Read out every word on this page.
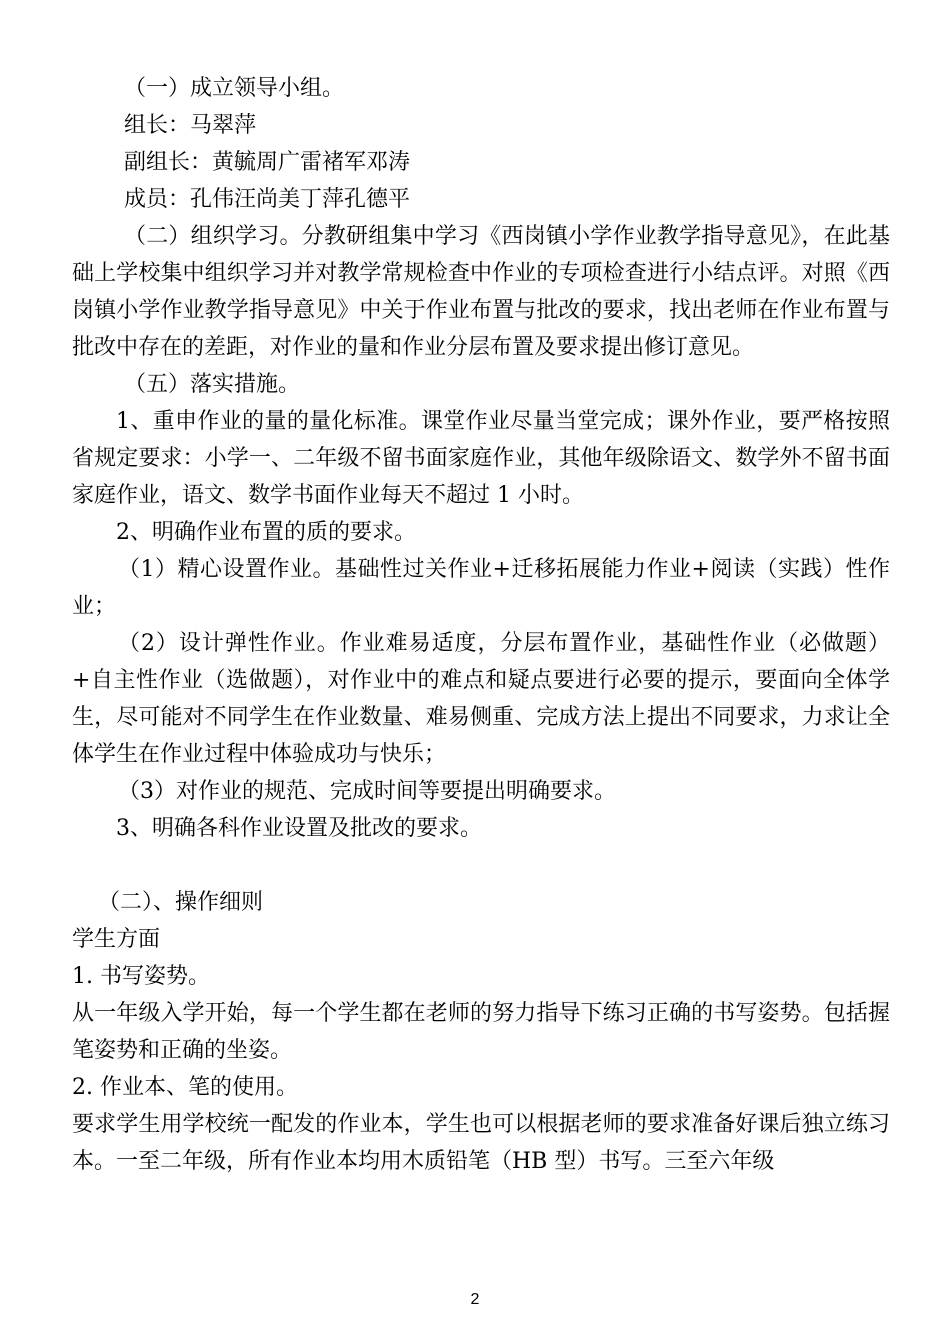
（一）成立领导小组。

组长：马翠萍

副组长：黄毓周广雷褚军邓涛

成员：孔伟汪尚美丁萍孔德平

（二）组织学习。分教研组集中学习《西岗镇小学作业教学指导意见》，在此基础上学校集中组织学习并对教学常规检查中作业的专项检查进行小结点评。对照《西岗镇小学作业教学指导意见》中关于作业布置与批改的要求，找出老师在作业布置与批改中存在的差距，对作业的量和作业分层布置及要求提出修订意见。

（五）落实措施。

1、重申作业的量的量化标准。课堂作业尽量当堂完成；课外作业，要严格按照省规定要求：小学一、二年级不留书面家庭作业，其他年级除语文、数学外不留书面家庭作业，语文、数学书面作业每天不超过 1 小时。

2、明确作业布置的质的要求。

（1）精心设置作业。基础性过关作业+迁移拓展能力作业+阅读（实践）性作业；

（2）设计弹性作业。作业难易适度，分层布置作业，基础性作业（必做题）+自主性作业（选做题），对作业中的难点和疑点要进行必要的提示，要面向全体学生，尽可能对不同学生在作业数量、难易侧重、完成方法上提出不同要求，力求让全体学生在作业过程中体验成功与快乐；

（3）对作业的规范、完成时间等要提出明确要求。

3、明确各科作业设置及批改的要求。

（二）、操作细则

学生方面

1. 书写姿势。

从一年级入学开始，每一个学生都在老师的努力指导下练习正确的书写姿势。包括握笔姿势和正确的坐姿。

2. 作业本、笔的使用。

要求学生用学校统一配发的作业本，学生也可以根据老师的要求准备好课后独立练习本。一至二年级，所有作业本均用木质铅笔（HB 型）书写。三至六年级

2
